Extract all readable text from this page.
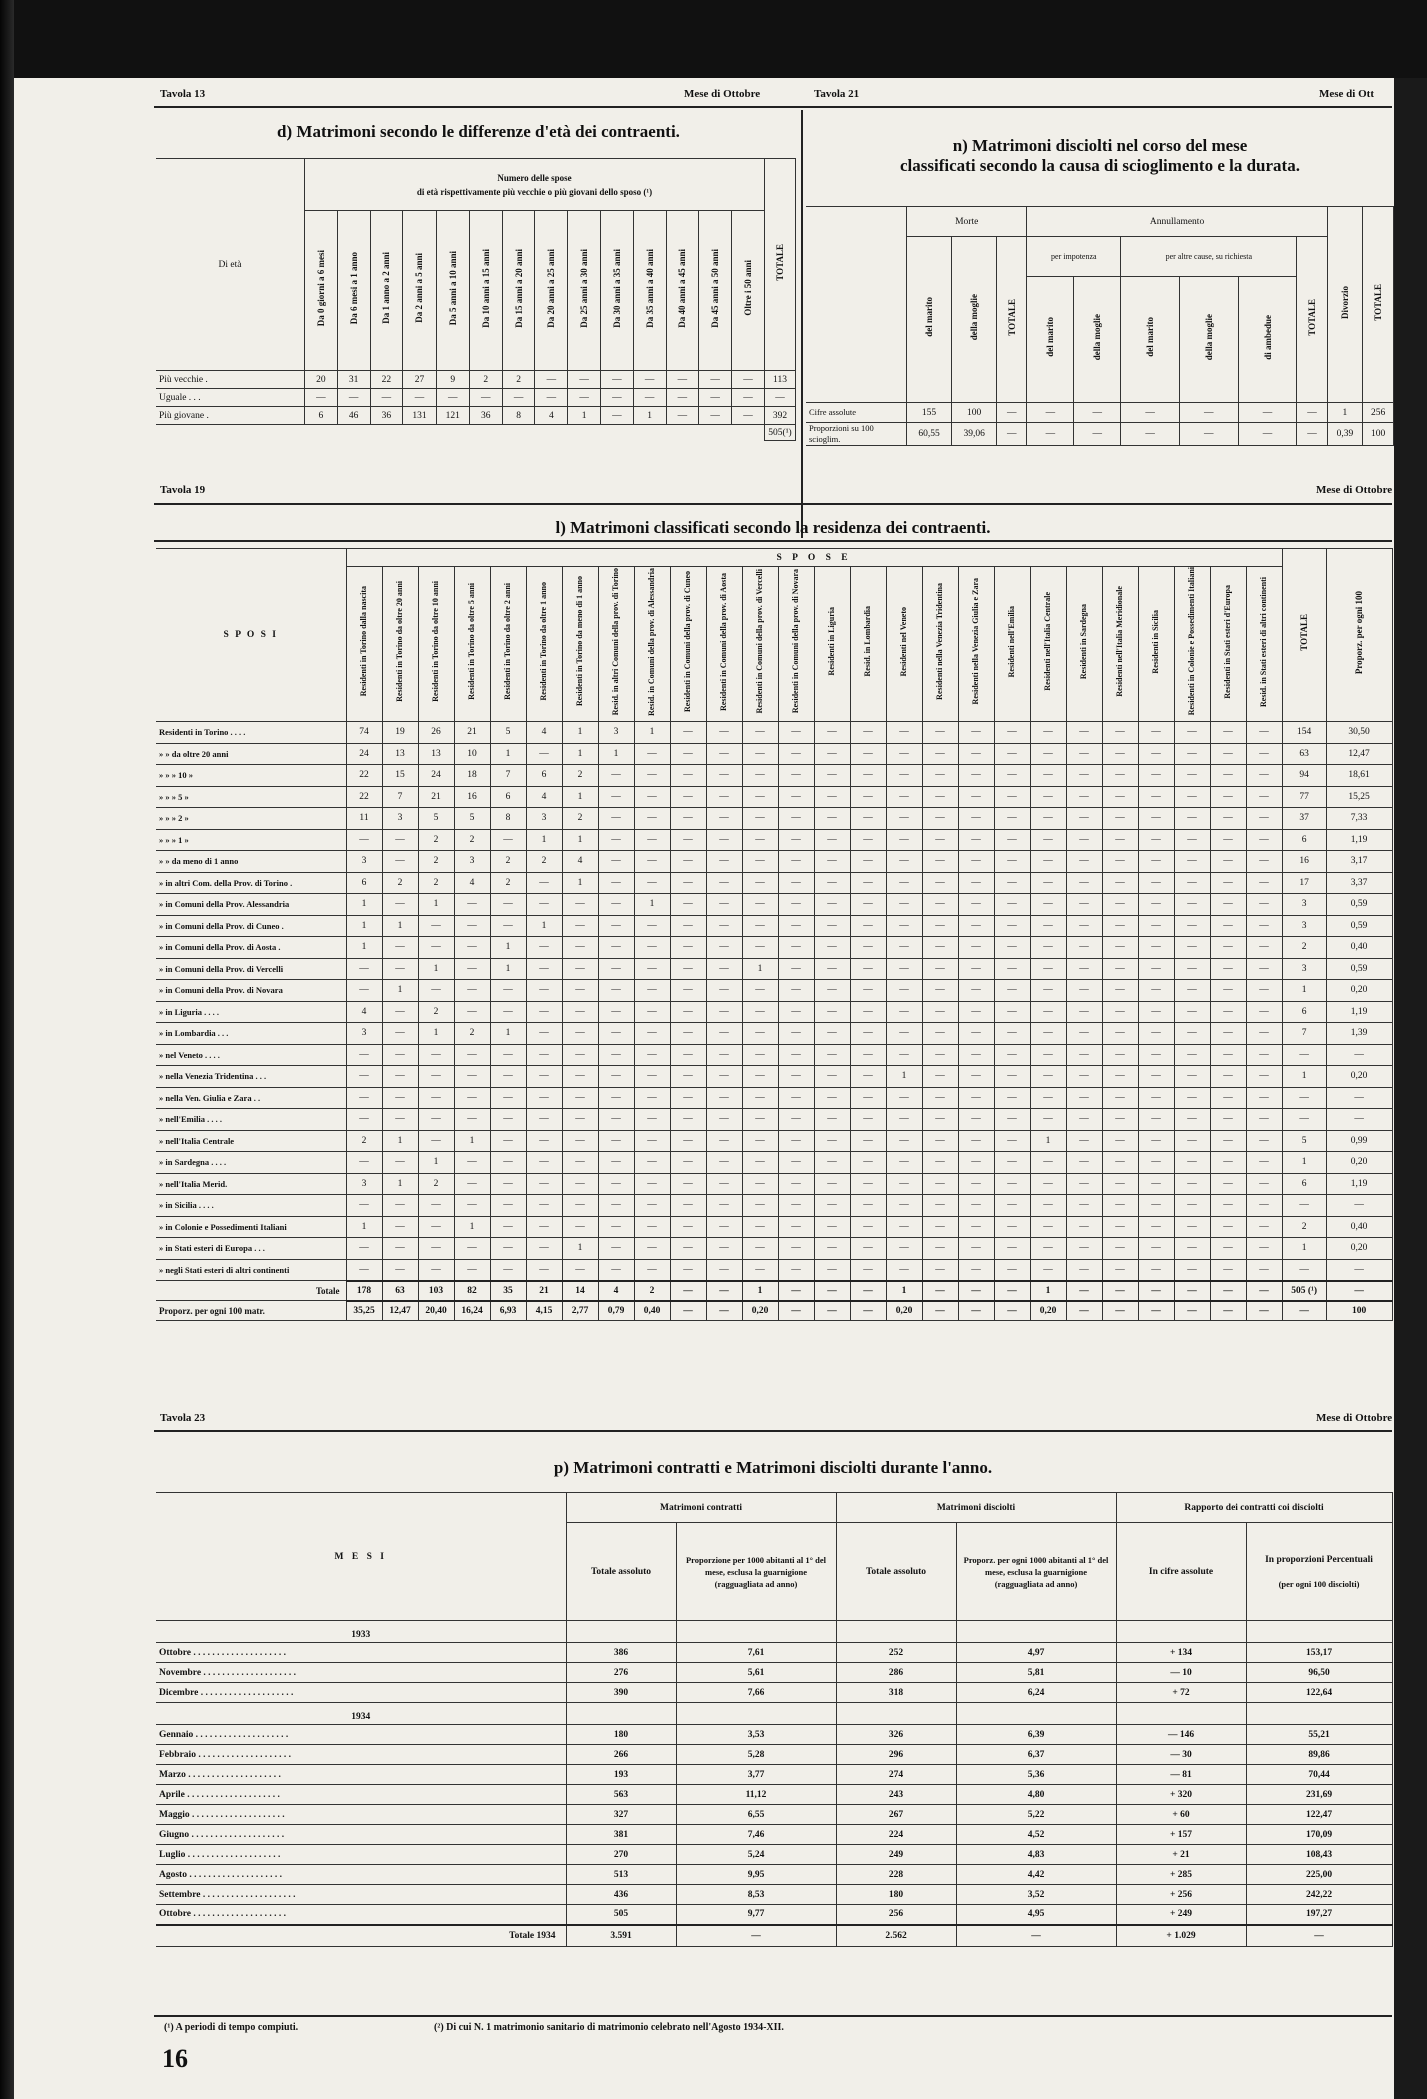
Tavola 13	Mese di Ottobre	Tavola 21	Mese di Ott
d) Matrimoni secondo le differenze d'età dei contraenti.
Di età	Numero delle spose
di età rispettivamente più vecchie o più giovani dello sposo (¹)														TOTALE
	Da 0 giorni a 6 mesi	Da 6 mesi a 1 anno	Da 1 anno a 2 anni	Da 2 anni a 5 anni	Da 5 anni a 10 anni	Da 10 anni a 15 anni	Da 15 anni a 20 anni	Da 20 anni a 25 anni	Da 25 anni a 30 anni	Da 30 anni a 35 anni	Da 35 anni a 40 anni	Da 40 anni a 45 anni	Da 45 anni a 50 anni	Oltre i 50 anni	
Più vecchie .	20	31	22	27	9	2	2	—	—	—	—	—	—	—	113
Uguale . . .	—	—	—	—	—	—	—	—	—	—	—	—	—	—	—
Più giovane .	6	46	36	131	121	36	8	4	1	—	1	—	—	—	392
															505(¹)
n) Matrimoni disciolti nel corso del mese
classificati secondo la causa di scioglimento e la durata.
	Morte			Annullamento						Divorzio	TOTALE
	del marito	della moglie	TOTALE	per impotenza		per altre cause, su richiesta			TOTALE		
				del marito	della moglie	del marito	della moglie	di ambedue			
Cifre assolute	155	100	—	—	—	—	—	—	—	1	256
Proporzioni su 100 scioglim.	60,55	39,06	—	—	—	—	—	—	—	0,39	100
Tavola 19	Mese di Ottobre
l) Matrimoni classificati secondo la residenza dei contraenti.
S P O S I	S P O S E																										TOTALE	Proporz. per ogni 100
	Residenti in Torino dalla nascita	Residenti in Torino da oltre 20 anni	Residenti in Torino da oltre 10 anni	Residenti in Torino da oltre 5 anni	Residenti in Torino da oltre 2 anni	Residenti in Torino da oltre 1 anno	Residenti in Torino da meno di 1 anno	Resid. in altri Comuni della prov. di Torino	Resid. in Comuni della prov. di Alessandria	Residenti in Comuni della prov. di Cuneo	Residenti in Comuni della prov. di Aosta	Residenti in Comuni della prov. di Vercelli	Residenti in Comuni della prov. di Novara	Residenti in Liguria	Resid. in Lombardia	Residenti nel Veneto	Residenti nella Venezia Tridentina	Residenti nella Venezia Giulia e Zara	Residenti nell'Emilia	Residenti nell'Italia Centrale	Residenti in Sardegna	Residenti nell'Italia Meridionale	Residenti in Sicilia	Residenti in Colonie e Possedimenti Italiani	Residenti in Stati esteri d'Europa	Resid. in Stati esteri di altri continenti		
Residenti in Torino . . . .	74	19	26	21	5	4	1	3	1	—	—	—	—	—	—	—	—	—	—	—	—	—	—	—	—	—	154	30,50
» » da oltre 20 anni	24	13	13	10	1	—	1	1	—	—	—	—	—	—	—	—	—	—	—	—	—	—	—	—	—	—	63	12,47
» » » 10 »	22	15	24	18	7	6	2	—	—	—	—	—	—	—	—	—	—	—	—	—	—	—	—	—	—	—	94	18,61
» » » 5 »	22	7	21	16	6	4	1	—	—	—	—	—	—	—	—	—	—	—	—	—	—	—	—	—	—	—	77	15,25
» » » 2 »	11	3	5	5	8	3	2	—	—	—	—	—	—	—	—	—	—	—	—	—	—	—	—	—	—	—	37	7,33
» » » 1 »	—	—	2	2	—	1	1	—	—	—	—	—	—	—	—	—	—	—	—	—	—	—	—	—	—	—	6	1,19
» » da meno di 1 anno	3	—	2	3	2	2	4	—	—	—	—	—	—	—	—	—	—	—	—	—	—	—	—	—	—	—	16	3,17
» in altri Com. della Prov. di Torino .	6	2	2	4	2	—	1	—	—	—	—	—	—	—	—	—	—	—	—	—	—	—	—	—	—	—	17	3,37
» in Comuni della Prov. Alessandria	1	—	1	—	—	—	—	—	1	—	—	—	—	—	—	—	—	—	—	—	—	—	—	—	—	—	3	0,59
» in Comuni della Prov. di Cuneo .	1	1	—	—	—	1	—	—	—	—	—	—	—	—	—	—	—	—	—	—	—	—	—	—	—	—	3	0,59
» in Comuni della Prov. di Aosta .	1	—	—	—	1	—	—	—	—	—	—	—	—	—	—	—	—	—	—	—	—	—	—	—	—	—	2	0,40
» in Comuni della Prov. di Vercelli	—	—	1	—	1	—	—	—	—	—	—	1	—	—	—	—	—	—	—	—	—	—	—	—	—	—	3	0,59
» in Comuni della Prov. di Novara	—	1	—	—	—	—	—	—	—	—	—	—	—	—	—	—	—	—	—	—	—	—	—	—	—	—	1	0,20
» in Liguria . . . .	4	—	2	—	—	—	—	—	—	—	—	—	—	—	—	—	—	—	—	—	—	—	—	—	—	—	6	1,19
» in Lombardia . . .	3	—	1	2	1	—	—	—	—	—	—	—	—	—	—	—	—	—	—	—	—	—	—	—	—	—	7	1,39
» nel Veneto . . . .	—	—	—	—	—	—	—	—	—	—	—	—	—	—	—	—	—	—	—	—	—	—	—	—	—	—	—	—
» nella Venezia Tridentina . . .	—	—	—	—	—	—	—	—	—	—	—	—	—	—	—	1	—	—	—	—	—	—	—	—	—	—	1	0,20
» nella Ven. Giulia e Zara . .	—	—	—	—	—	—	—	—	—	—	—	—	—	—	—	—	—	—	—	—	—	—	—	—	—	—	—	—
» nell'Emilia . . . .	—	—	—	—	—	—	—	—	—	—	—	—	—	—	—	—	—	—	—	—	—	—	—	—	—	—	—	—
» nell'Italia Centrale	2	1	—	1	—	—	—	—	—	—	—	—	—	—	—	—	—	—	—	1	—	—	—	—	—	—	5	0,99
» in Sardegna . . . .	—	—	1	—	—	—	—	—	—	—	—	—	—	—	—	—	—	—	—	—	—	—	—	—	—	—	1	0,20
» nell'Italia Merid.	3	1	2	—	—	—	—	—	—	—	—	—	—	—	—	—	—	—	—	—	—	—	—	—	—	—	6	1,19
» in Sicilia . . . .	—	—	—	—	—	—	—	—	—	—	—	—	—	—	—	—	—	—	—	—	—	—	—	—	—	—	—	—
» in Colonie e Possedimenti Italiani	1	—	—	1	—	—	—	—	—	—	—	—	—	—	—	—	—	—	—	—	—	—	—	—	—	—	2	0,40
» in Stati esteri di Europa . . .	—	—	—	—	—	—	1	—	—	—	—	—	—	—	—	—	—	—	—	—	—	—	—	—	—	—	1	0,20
» negli Stati esteri di altri continenti	—	—	—	—	—	—	—	—	—	—	—	—	—	—	—	—	—	—	—	—	—	—	—	—	—	—	—	—
Totale	178	63	103	82	35	21	14	4	2	—	—	1	—	—	—	1	—	—	—	1	—	—	—	—	—	—	505 (¹)	—
Proporz. per ogni 100 matr.	35,25	12,47	20,40	16,24	6,93	4,15	2,77	0,79	0,40	—	—	0,20	—	—	—	0,20	—	—	—	0,20	—	—	—	—	—	—	—	100
Tavola 23	Mese di Ottobre
p) Matrimoni contratti e Matrimoni disciolti durante l'anno.
M E S I	Matrimoni contratti		Matrimoni disciolti		Rapporto dei contratti coi disciolti	
	Totale assoluto	Proporzione per 1000 abitanti al 1° del mese, esclusa la guarnigione (ragguagliata ad anno)	Totale assoluto	Proporz. per ogni 1000 abitanti al 1° del mese, esclusa la guarnigione (ragguagliata ad anno)	In cifre assolute	In proporzioni Percentuali
(per ogni 100 disciolti)

1933						
Ottobre . . . . . . . . . . . . . . . . . . . .	386	7,61	252	4,97	+ 134	153,17
Novembre . . . . . . . . . . . . . . . . . . . .	276	5,61	286	5,81	— 10	96,50
Dicembre . . . . . . . . . . . . . . . . . . . .	390	7,66	318	6,24	+ 72	122,64
1934						
Gennaio . . . . . . . . . . . . . . . . . . . .	180	3,53	326	6,39	— 146	55,21
Febbraio . . . . . . . . . . . . . . . . . . . .	266	5,28	296	6,37	— 30	89,86
Marzo . . . . . . . . . . . . . . . . . . . .	193	3,77	274	5,36	— 81	70,44
Aprile . . . . . . . . . . . . . . . . . . . .	563	11,12	243	4,80	+ 320	231,69
Maggio . . . . . . . . . . . . . . . . . . . .	327	6,55	267	5,22	+ 60	122,47
Giugno . . . . . . . . . . . . . . . . . . . .	381	7,46	224	4,52	+ 157	170,09
Luglio . . . . . . . . . . . . . . . . . . . .	270	5,24	249	4,83	+ 21	108,43
Agosto . . . . . . . . . . . . . . . . . . . .	513	9,95	228	4,42	+ 285	225,00
Settembre . . . . . . . . . . . . . . . . . . . .	436	8,53	180	3,52	+ 256	242,22
Ottobre . . . . . . . . . . . . . . . . . . . .	505	9,77	256	4,95	+ 249	197,27
Totale 1934	3.591	—	2.562	—	+ 1.029	—
(¹) A periodi di tempo compiuti.	(²) Di cui N. 1 matrimonio sanitario di matrimonio celebrato nell'Agosto 1934-XII.
16
